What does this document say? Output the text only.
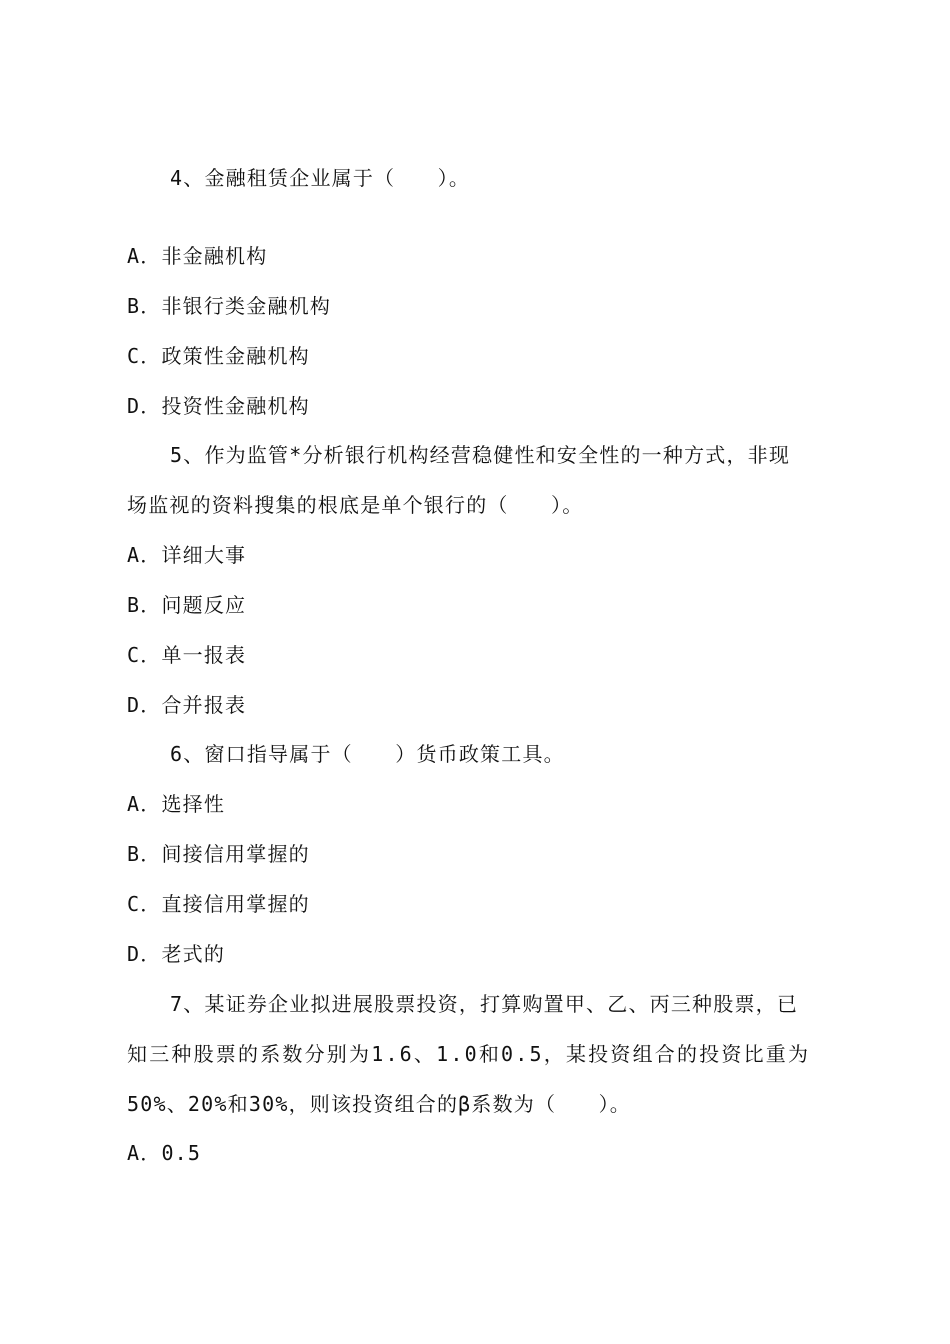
4、金融租赁企业属于（　　）。
A．非金融机构
B．非银行类金融机构
C．政策性金融机构
D．投资性金融机构
5、作为监管*分析银行机构经营稳健性和安全性的一种方式，非现
场监视的资料搜集的根底是单个银行的（　　）。
A．详细大事
B．问题反应
C．单一报表
D．合并报表
6、窗口指导属于（　　）货币政策工具。
A．选择性
B．间接信用掌握的
C．直接信用掌握的
D．老式的
7、某证券企业拟进展股票投资，打算购置甲、乙、丙三种股票，已
知三种股票的系数分别为1.6、1.0和0.5，某投资组合的投资比重为
50%、20%和30%，则该投资组合的β系数为（　　）。
A．0.5
